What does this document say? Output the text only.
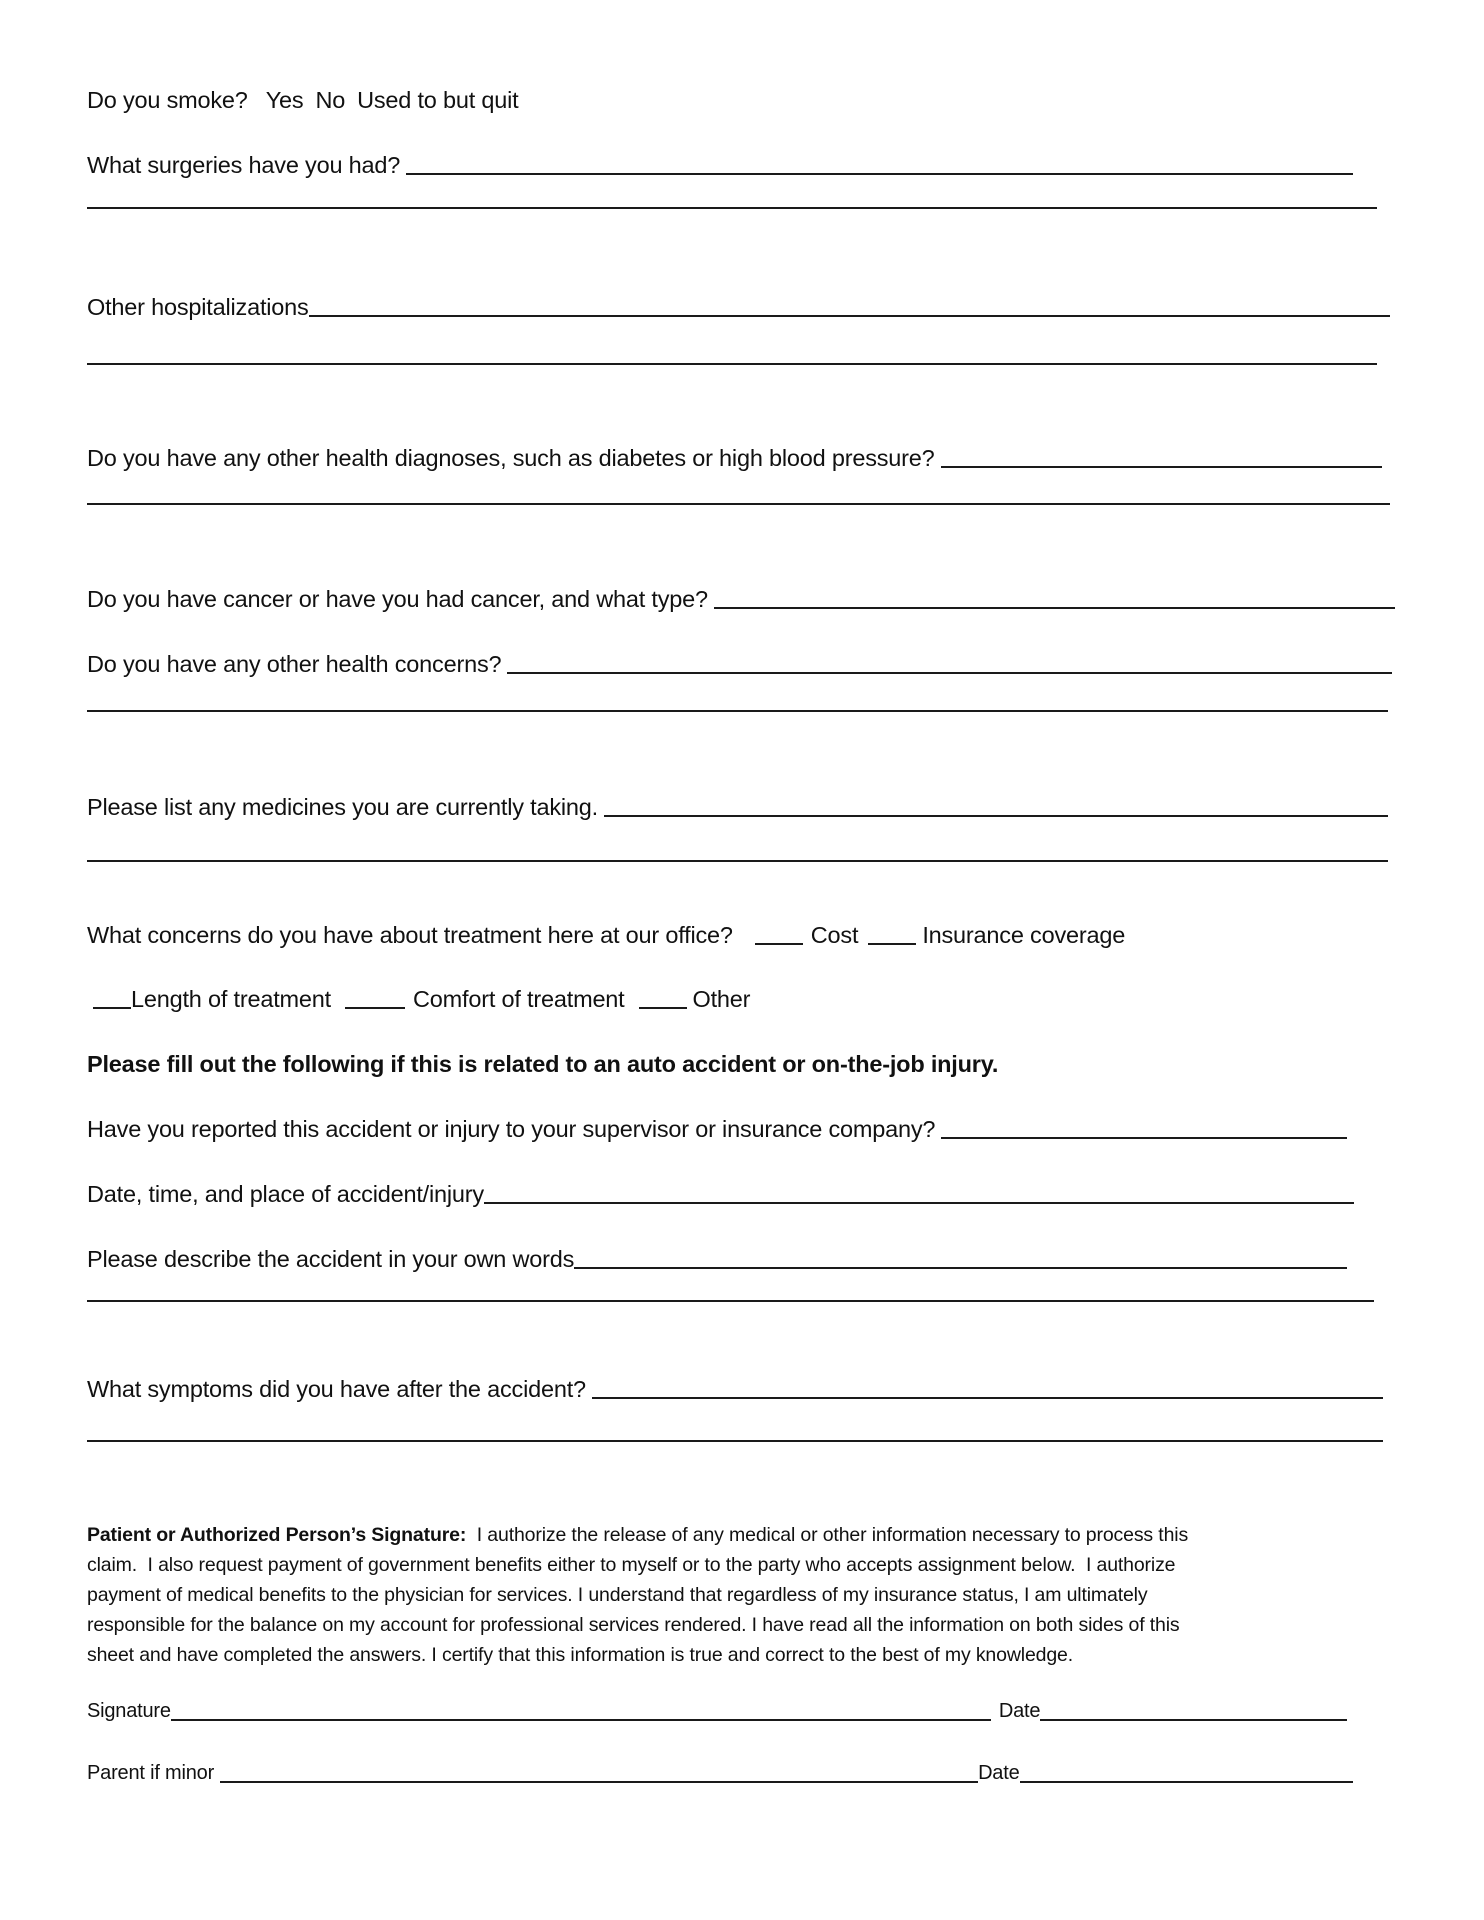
Do you smoke? Yes No Used to but quit
What surgeries have you had?
Other hospitalizations
Do you have any other health diagnoses, such as diabetes or high blood pressure?
Do you have cancer or have you had cancer, and what type?
Do you have any other health concerns?
Please list any medicines you are currently taking.
What concerns do you have about treatment here at our office?	Cost	Insurance coverage
Length of treatment	Comfort of treatment	Other
Please fill out the following if this is related to an auto accident or on-the-job injury.
Have you reported this accident or injury to your supervisor or insurance company?
Date, time, and place of accident/injury
Please describe the accident in your own words
What symptoms did you have after the accident?
Patient or Authorized Person’s Signature: I authorize the release of any medical or other information necessary to process this
claim.  I also request payment of government benefits either to myself or to the party who accepts assignment below.  I authorize
payment of medical benefits to the physician for services. I understand that regardless of my insurance status, I am ultimately
responsible for the balance on my account for professional services rendered. I have read all the information on both sides of this
sheet and have completed the answers. I certify that this information is true and correct to the best of my knowledge.
Signature	Date
Parent if minor	Date
